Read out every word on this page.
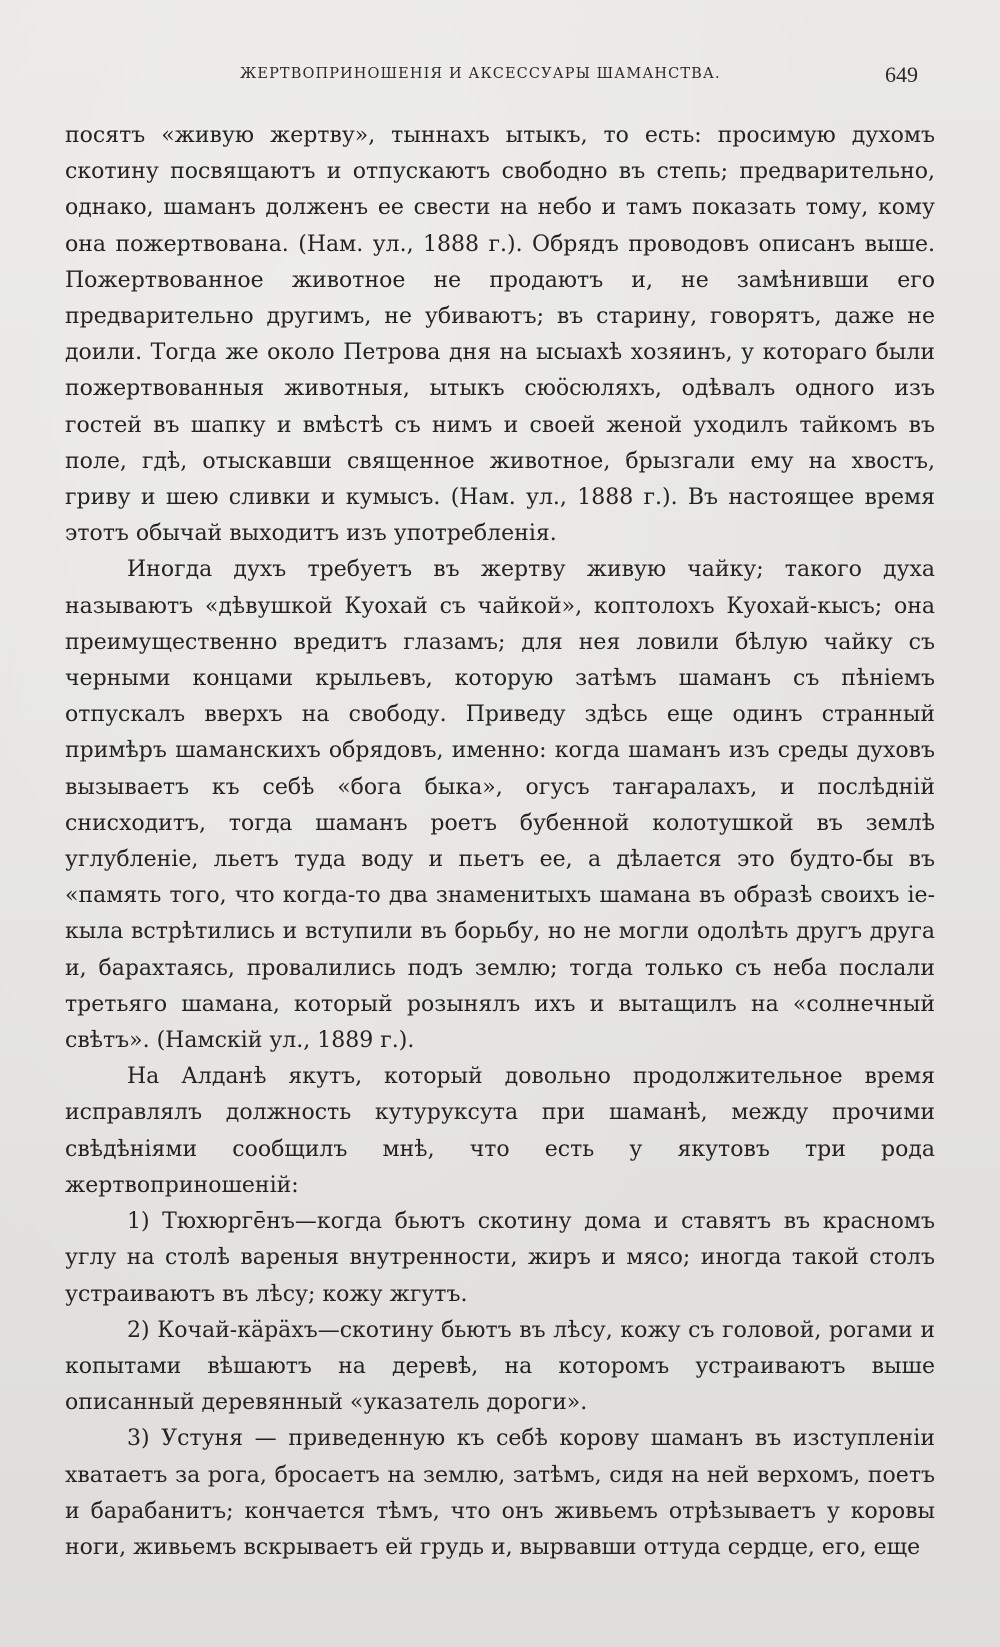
ЖЕРТВОПРИНОШЕНІЯ И АКСЕССУАРЫ ШАМАНСТВА.	649

посятъ «живую жертву», тыннахъ ытыкъ, то есть: просимую духомъ скотину посвящаютъ и отпускаютъ свободно въ степь; предварительно, однако, шаманъ долженъ ее свести на небо и тамъ показать тому, кому она пожертвована. (Нам. ул., 1888 г.). Обрядъ проводовъ описанъ выше. Пожертвованное животное не продаютъ и, не замѣнивши его предварительно другимъ, не убиваютъ; въ старину, говорятъ, даже не доили. Тогда же около Петрова дня на ысыахѣ хозяинъ, у котораго были пожертвованныя животныя, ытыкъ сюöсюляхъ, одѣвалъ одного изъ гостей въ шапку и вмѣстѣ съ нимъ и своей женой уходилъ тайкомъ въ поле, гдѣ, отыскавши священное животное, брызгали ему на хвостъ, гриву и шею сливки и кумысъ. (Нам. ул., 1888 г.). Въ настоящее время этотъ обычай выходитъ изъ употребленія.

Иногда духъ требуетъ въ жертву живую чайку; такого духа называютъ «дѣвушкой Куохай съ чайкой», коптолохъ Куохай-кысъ; она преимущественно вредитъ глазамъ; для нея ловили бѣлую чайку съ черными концами крыльевъ, которую затѣмъ шаманъ съ пѣніемъ отпускалъ вверхъ на свободу. Приведу здѣсь еще одинъ странный примѣръ шаманскихъ обрядовъ, именно: когда шаманъ изъ среды духовъ вызываетъ къ себѣ «бога быка», огусъ таҥаралахъ, и послѣдній снисходитъ, тогда шаманъ роетъ бубенной колотушкой въ землѣ углубленіе, льетъ туда воду и пьетъ ее, а дѣлается это будто-бы въ «память того, что когда-то два знаменитыхъ шамана въ образѣ своихъ іе-кыла встрѣтились и вступили въ борьбу, но не могли одолѣть другъ друга и, барахтаясь, провалились подъ землю; тогда только съ неба послали третьяго шамана, который розынялъ ихъ и вытащилъ на «солнечный свѣтъ». (Намскій ул., 1889 г.).

На Алданѣ якутъ, который довольно продолжительное время исправлялъ должность кутуруксута при шаманѣ, между прочими свѣдѣніями сообщилъ мнѣ, что есть у якутовъ три рода жертвоприношеній:

1) Тюхюргēнъ—когда бьютъ скотину дома и ставятъ въ красномъ углу на столѣ вареныя внутренности, жиръ и мясо; иногда такой столъ устраиваютъ въ лѣсу; кожу жгутъ.

2) Кочай-кäрäхъ—скотину бьютъ въ лѣсу, кожу съ головой, рогами и копытами вѣшаютъ на деревѣ, на которомъ устраиваютъ выше описанный деревянный «указатель дороги».

3) Устуня — приведенную къ себѣ корову шаманъ въ изступленіи хватаетъ за рога, бросаетъ на землю, затѣмъ, сидя на ней верхомъ, поетъ и барабанитъ; кончается тѣмъ, что онъ живьемъ отрѣзываетъ у коровы ноги, живьемъ вскрываетъ ей грудь и, вырвавши оттуда сердце, его, еще
